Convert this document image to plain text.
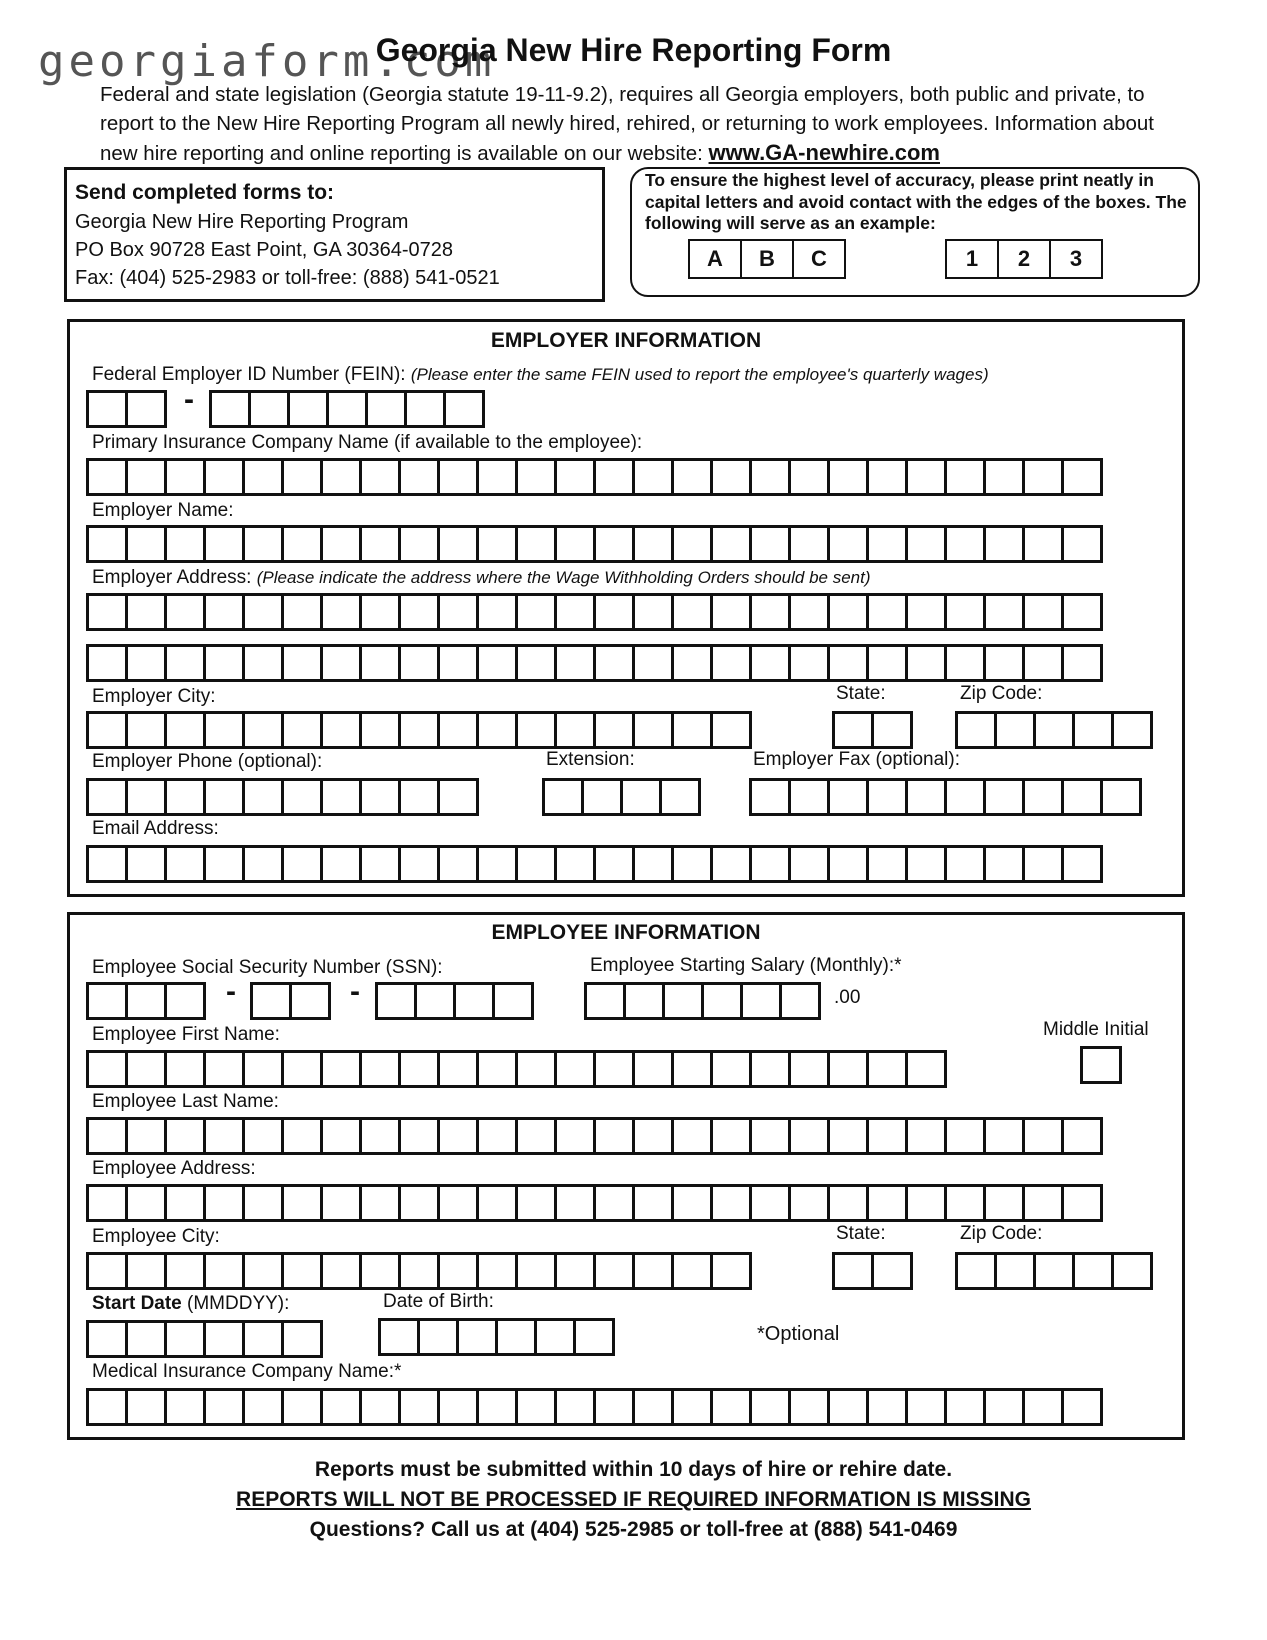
georgiaform.com
Georgia New Hire Reporting Form
Federal and state legislation (Georgia statute 19-11-9.2), requires all Georgia employers, both public and private, to report to the New Hire Reporting Program all newly hired, rehired, or returning to work employees. Information about new hire reporting and online reporting is available on our website: www.GA-newhire.com
Send completed forms to:
Georgia New Hire Reporting Program
PO Box 90728 East Point, GA 30364-0728
Fax: (404) 525-2983 or toll-free: (888) 541-0521
To ensure the highest level of accuracy, please print neatly in capital letters and avoid contact with the edges of the boxes. The following will serve as an example:
A	B	C	1	2	3
EMPLOYER INFORMATION
Federal Employer ID Number (FEIN): (Please enter the same FEIN used to report the employee's quarterly wages)
-
Primary Insurance Company Name (if available to the employee):
Employer Name:
Employer Address: (Please indicate the address where the Wage Withholding Orders should be sent)
Employer City:	State:	Zip Code:
Employer Phone (optional):	Extension:	Employer Fax (optional):
Email Address:
EMPLOYEE INFORMATION
Employee Social Security Number (SSN):	Employee Starting Salary (Monthly):*
-	-	.00
Employee First Name:	Middle Initial
Employee Last Name:
Employee Address:
Employee City:	State:	Zip Code:
Start Date (MMDDYY):	Date of Birth:
*Optional
Medical Insurance Company Name:*
Reports must be submitted within 10 days of hire or rehire date.
REPORTS WILL NOT BE PROCESSED IF REQUIRED INFORMATION IS MISSING
Questions? Call us at (404) 525-2985 or toll-free at (888) 541-0469
